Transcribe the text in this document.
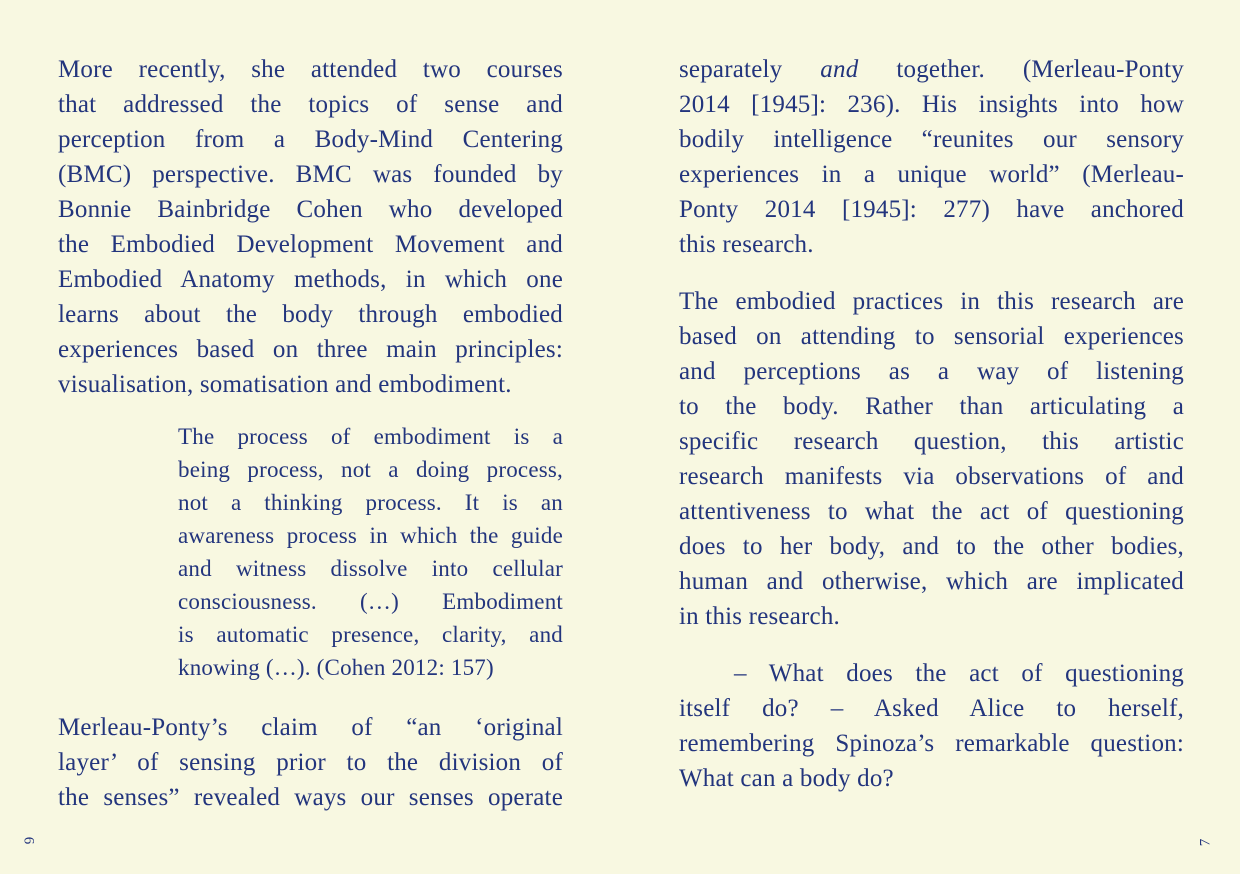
More recently, she attended two courses
that addressed the topics of sense and
perception from a Body-Mind Centering
(BMC) perspective. BMC was founded by
Bonnie Bainbridge Cohen who developed
the Embodied Development Movement and
Embodied Anatomy methods, in which one
learns about the body through embodied
experiences based on three main principles:
visualisation, somatisation and embodiment.
The process of embodiment is a
being process, not a doing process,
not a thinking process. It is an
awareness process in which the guide
and witness dissolve into cellular
consciousness. (…) Embodiment
is automatic presence, clarity, and
knowing (…). (Cohen 2012: 157)
Merleau-Ponty’s claim of “an ‘original
layer’ of sensing prior to the division of
the senses” revealed ways our senses operate
separately and together. (Merleau-Ponty
2014 [1945]: 236). His insights into how
bodily intelligence “reunites our sensory
experiences in a unique world” (Merleau-
Ponty 2014 [1945]: 277) have anchored
this research.
The embodied practices in this research are
based on attending to sensorial experiences
and perceptions as a way of listening
to the body. Rather than articulating a
specific research question, this artistic
research manifests via observations of and
attentiveness to what the act of questioning
does to her body, and to the other bodies,
human and otherwise, which are implicated
in this research.
– What does the act of questioning
itself do? – Asked Alice to herself,
remembering Spinoza’s remarkable question:
What can a body do?
6	7
